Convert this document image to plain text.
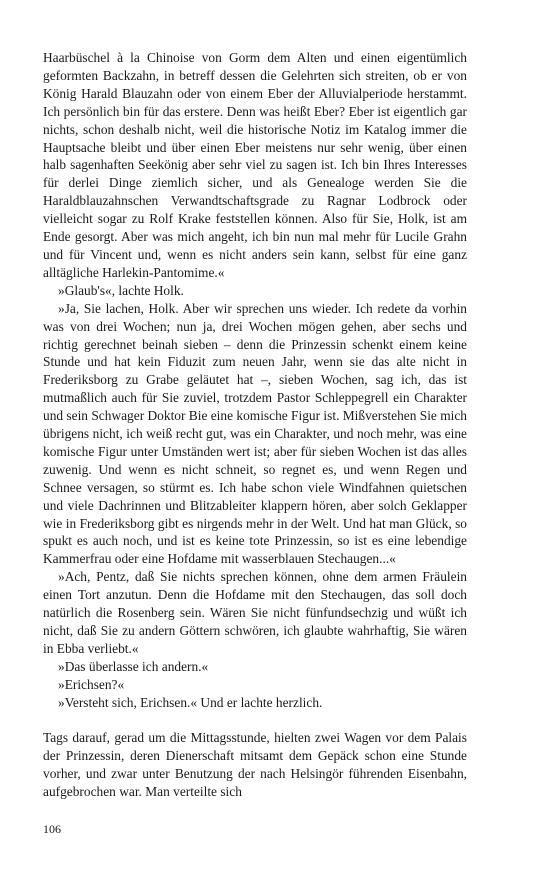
Haarbüschel à la Chinoise von Gorm dem Alten und einen eigentümlich geformten Backzahn, in betreff dessen die Gelehrten sich streiten, ob er von König Harald Blauzahn oder von einem Eber der Alluvialperiode herstammt. Ich persönlich bin für das erstere. Denn was heißt Eber? Eber ist eigentlich gar nichts, schon deshalb nicht, weil die historische Notiz im Katalog immer die Hauptsache bleibt und über einen Eber meistens nur sehr wenig, über einen halb sagenhaften Seekönig aber sehr viel zu sagen ist. Ich bin Ihres Interesses für derlei Dinge ziemlich sicher, und als Genealoge werden Sie die Haraldblauzahnschen Verwandtschaftsgrade zu Ragnar Lodbrock oder vielleicht sogar zu Rolf Krake feststellen können. Also für Sie, Holk, ist am Ende gesorgt. Aber was mich angeht, ich bin nun mal mehr für Lucile Grahn und für Vincent und, wenn es nicht anders sein kann, selbst für eine ganz alltägliche Harlekin-Pantomime.«

»Glaub's«, lachte Holk.

»Ja, Sie lachen, Holk. Aber wir sprechen uns wieder. Ich redete da vorhin was von drei Wochen; nun ja, drei Wochen mögen gehen, aber sechs und richtig gerechnet beinah sieben – denn die Prinzessin schenkt einem keine Stunde und hat kein Fiduzit zum neuen Jahr, wenn sie das alte nicht in Frederiksborg zu Grabe geläutet hat –, sieben Wochen, sag ich, das ist mutmaßlich auch für Sie zuviel, trotzdem Pastor Schleppegrell ein Charakter und sein Schwager Doktor Bie eine komische Figur ist. Mißverstehen Sie mich übrigens nicht, ich weiß recht gut, was ein Charakter, und noch mehr, was eine komische Figur unter Umständen wert ist; aber für sieben Wochen ist das alles zuwenig. Und wenn es nicht schneit, so regnet es, und wenn Regen und Schnee versagen, so stürmt es. Ich habe schon viele Windfahnen quietschen und viele Dachrinnen und Blitzableiter klappern hören, aber solch Geklapper wie in Frederiksborg gibt es nirgends mehr in der Welt. Und hat man Glück, so spukt es auch noch, und ist es keine tote Prinzessin, so ist es eine lebendige Kammerfrau oder eine Hofdame mit wasserblauen Stechaugen...«

»Ach, Pentz, daß Sie nichts sprechen können, ohne dem armen Fräulein einen Tort anzutun. Denn die Hofdame mit den Stechaugen, das soll doch natürlich die Rosenberg sein. Wären Sie nicht fünfundsechzig und wüßt ich nicht, daß Sie zu andern Göttern schwören, ich glaubte wahrhaftig, Sie wären in Ebba verliebt.«

»Das überlasse ich andern.«

»Erichsen?«

»Versteht sich, Erichsen.« Und er lachte herzlich.

Tags darauf, gerad um die Mittagsstunde, hielten zwei Wagen vor dem Palais der Prinzessin, deren Dienerschaft mitsamt dem Gepäck schon eine Stunde vorher, und zwar unter Benutzung der nach Helsingör führenden Eisenbahn, aufgebrochen war. Man verteilte sich

106
